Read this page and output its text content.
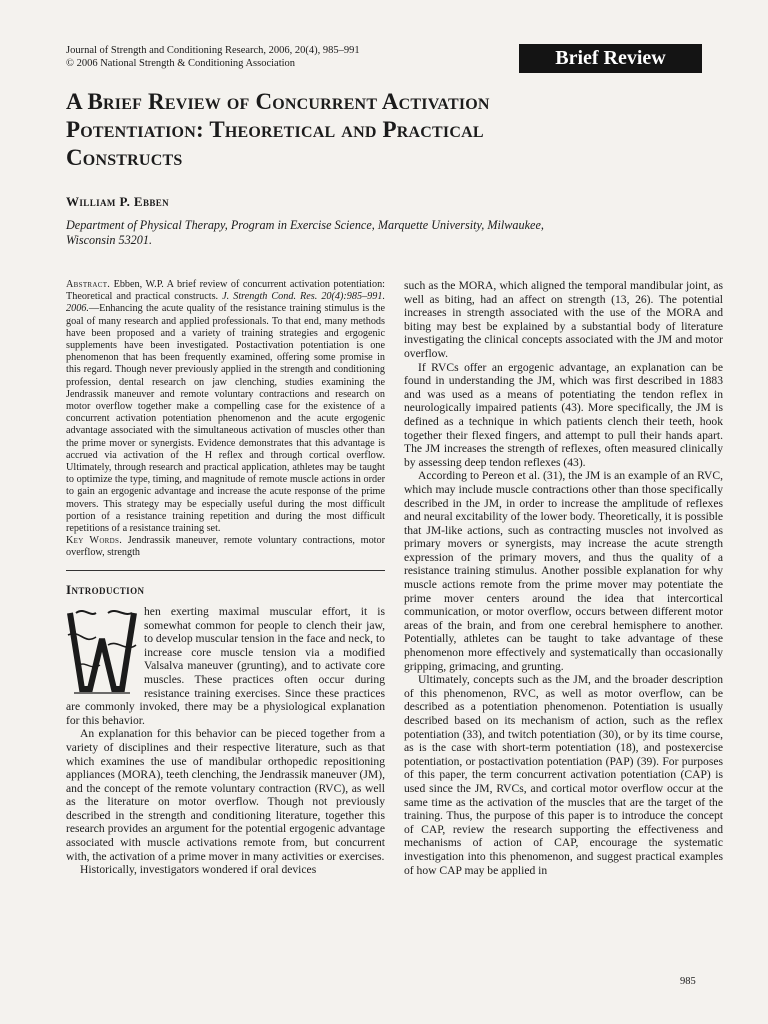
Journal of Strength and Conditioning Research, 2006, 20(4), 985–991
© 2006 National Strength & Conditioning Association	Brief Review
A Brief Review of Concurrent Activation
Potentiation: Theoretical and Practical
Constructs
William P. Ebben
Department of Physical Therapy, Program in Exercise Science, Marquette University, Milwaukee,
Wisconsin 53201.

Abstract. Ebben, W.P. A brief review of concurrent activation potentiation: Theoretical and practical constructs. J. Strength Cond. Res. 20(4):985–991. 2006.—Enhancing the acute quality of the resistance training stimulus is the goal of many research and applied professionals. To that end, many methods have been proposed and a variety of training strategies and ergogenic supplements have been investigated. Postactivation potentiation is one phenomenon that has been frequently examined, offering some promise in this regard. Though never previously applied in the strength and conditioning profession, dental research on jaw clenching, studies examining the Jendrassik maneuver and remote voluntary contractions and research on motor overflow together make a compelling case for the existence of a concurrent activation potentiation phenomenon and the acute ergogenic advantage associated with the simultaneous activation of muscles other than the prime mover or synergists. Evidence demonstrates that this advantage is accrued via activation of the H reflex and through cortical overflow. Ultimately, through research and practical application, athletes may be taught to optimize the type, timing, and magnitude of remote muscle actions in order to gain an ergogenic advantage and increase the acute response of the prime movers. This strategy may be especially useful during the most difficult portion of a resistance training repetition and during the most difficult repetitions of a resistance training set.

Key Words. Jendrassik maneuver, remote voluntary contractions, motor overflow, strength

Introduction

W
hen exerting maximal muscular effort, it is somewhat common for people to clench their jaw, to develop muscular tension in the face and neck, to increase core muscle tension via a modified Valsalva maneuver (grunting), and to activate core muscles. These practices often occur during resistance training exercises. Since these practices are commonly invoked, there may be a physiological explanation for this behavior.

An explanation for this behavior can be pieced together from a variety of disciplines and their respective literature, such as that which examines the use of mandibular orthopedic repositioning appliances (MORA), teeth clenching, the Jendrassik maneuver (JM), and the concept of the remote voluntary contraction (RVC), as well as the literature on motor overflow. Though not previously described in the strength and conditioning literature, together this research provides an argument for the potential ergogenic advantage associated with muscle activations remote from, but concurrent with, the activation of a prime mover in many activities or exercises.

Historically, investigators wondered if oral devices

such as the MORA, which aligned the temporal mandibular joint, as well as biting, had an affect on strength (13, 26). The potential increases in strength associated with the use of the MORA and biting may best be explained by a substantial body of literature investigating the clinical concepts associated with the JM and motor overflow.

If RVCs offer an ergogenic advantage, an explanation can be found in understanding the JM, which was first described in 1883 and was used as a means of potentiating the tendon reflex in neurologically impaired patients (43). More specifically, the JM is defined as a technique in which patients clench their teeth, hook together their flexed fingers, and attempt to pull their hands apart. The JM increases the strength of reflexes, often measured clinically by assessing deep tendon reflexes (43).

According to Pereon et al. (31), the JM is an example of an RVC, which may include muscle contractions other than those specifically described in the JM, in order to increase the amplitude of reflexes and neural excitability of the lower body. Theoretically, it is possible that JM-like actions, such as contracting muscles not involved as primary movers or synergists, may increase the acute strength expression of the primary movers, and thus the quality of a resistance training stimulus. Another possible explanation for why muscle actions remote from the prime mover may potentiate the prime mover centers around the idea that intercortical communication, or motor overflow, occurs between different motor areas of the brain, and from one cerebral hemisphere to another. Potentially, athletes can be taught to take advantage of these phenomenon more effectively and systematically than occasionally gripping, grimacing, and grunting.

Ultimately, concepts such as the JM, and the broader description of this phenomenon, RVC, as well as motor overflow, can be described as a potentiation phenomenon. Potentiation is usually described based on its mechanism of action, such as the reflex potentiation (33), and twitch potentiation (30), or by its time course, as is the case with short-term potentiation (18), and postexercise potentiation, or postactivation potentiation (PAP) (39). For purposes of this paper, the term concurrent activation potentiation (CAP) is used since the JM, RVCs, and cortical motor overflow occur at the same time as the activation of the muscles that are the target of the training. Thus, the purpose of this paper is to introduce the concept of CAP, review the research supporting the effectiveness and mechanisms of action of CAP, encourage the systematic investigation into this phenomenon, and suggest practical examples of how CAP may be applied in

985
